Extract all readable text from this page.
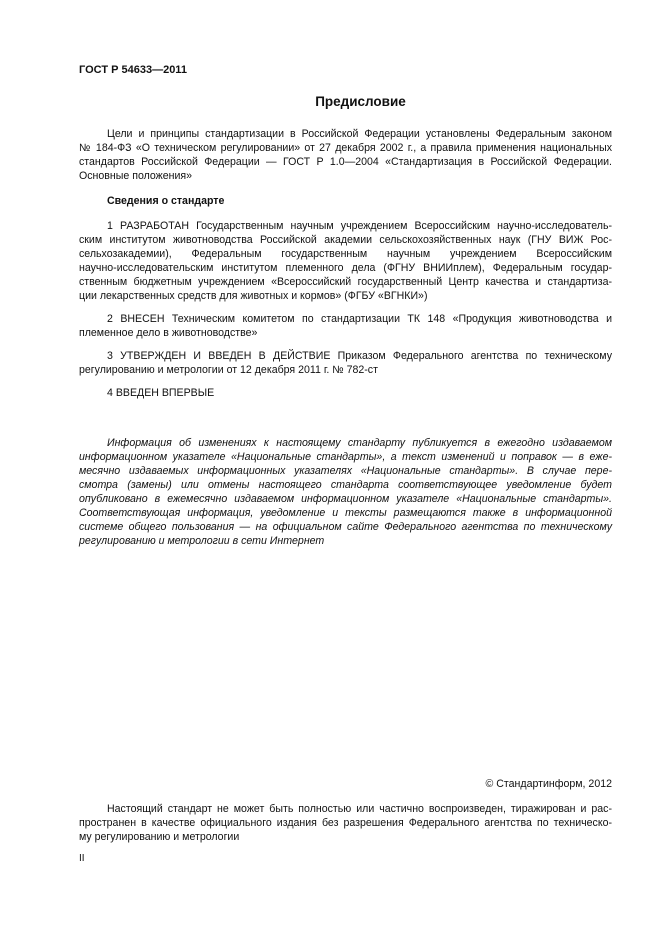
ГОСТ Р 54633—2011
Предисловие
Цели и принципы стандартизации в Российской Федерации установлены Федеральным законом
№ 184-ФЗ «О техническом регулировании» от 27 декабря 2002 г., а правила применения национальных
стандартов Российской Федерации — ГОСТ Р 1.0—2004 «Стандартизация в Российской Федерации.
Основные положения»
Сведения о стандарте
1 РАЗРАБОТАН Государственным научным учреждением Всероссийским научно-исследователь-
ским институтом животноводства Российской академии сельскохозяйственных наук (ГНУ ВИЖ Рос-
сельхозакадемии), Федеральным государственным научным учреждением Всероссийским
научно-исследовательским институтом племенного дела (ФГНУ ВНИИплем), Федеральным государ-
ственным бюджетным учреждением «Всероссийский государственный Центр качества и стандартиза-
ции лекарственных средств для животных и кормов» (ФГБУ «ВГНКИ»)
2 ВНЕСЕН Техническим комитетом по стандартизации ТК 148 «Продукция животноводства и
племенное дело в животноводстве»
3 УТВЕРЖДЕН И ВВЕДЕН В ДЕЙСТВИЕ Приказом Федерального агентства по техническому
регулированию и метрологии от 12 декабря 2011 г. № 782-ст
4 ВВЕДЕН ВПЕРВЫЕ
Информация об изменениях к настоящему стандарту публикуется в ежегодно издаваемом
информационном указателе «Национальные стандарты», а текст изменений и поправок — в еже-
месячно издаваемых информационных указателях «Национальные стандарты». В случае пере-
смотра (замены) или отмены настоящего стандарта соответствующее уведомление будет
опубликовано в ежемесячно издаваемом информационном указателе «Национальные стандарты».
Соответствующая информация, уведомление и тексты размещаются также в информационной
системе общего пользования — на официальном сайте Федерального агентства по техническому
регулированию и метрологии в сети Интернет
© Стандартинформ, 2012
Настоящий стандарт не может быть полностью или частично воспроизведен, тиражирован и рас-
пространен в качестве официального издания без разрешения Федерального агентства по техническо-
му регулированию и метрологии
II
